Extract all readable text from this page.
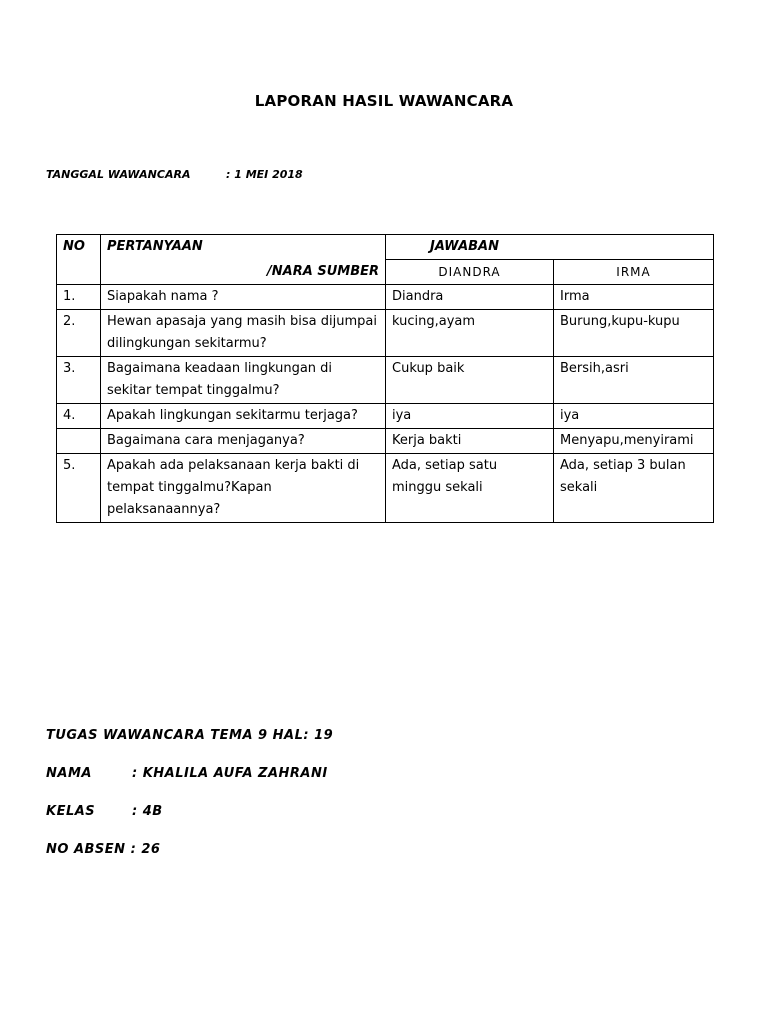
LAPORAN HASIL WAWANCARA
TANGGAL WAWANCARA	: 1 MEI 2018
NO	PERTANYAAN	JAWABAN	
	/NARA SUMBER	DIANDRA	IRMA
1.	Siapakah nama ?	Diandra	Irma
2.	Hewan apasaja yang masih bisa dijumpai dilingkungan sekitarmu?	kucing,ayam	Burung,kupu-kupu
3.	Bagaimana keadaan lingkungan di sekitar tempat tinggalmu?	Cukup baik	Bersih,asri
4.	Apakah lingkungan sekitarmu terjaga?	iya	iya
	Bagaimana cara menjaganya?	Kerja bakti	Menyapu,menyirami
5.	Apakah ada pelaksanaan kerja bakti di tempat tinggalmu?Kapan pelaksanaannya?	Ada, setiap satu minggu sekali	Ada, setiap 3 bulan sekali
TUGAS WAWANCARA TEMA 9 HAL: 19
NAMA	: KHALILA AUFA ZAHRANI
KELAS	: 4B
NO ABSEN : 26
